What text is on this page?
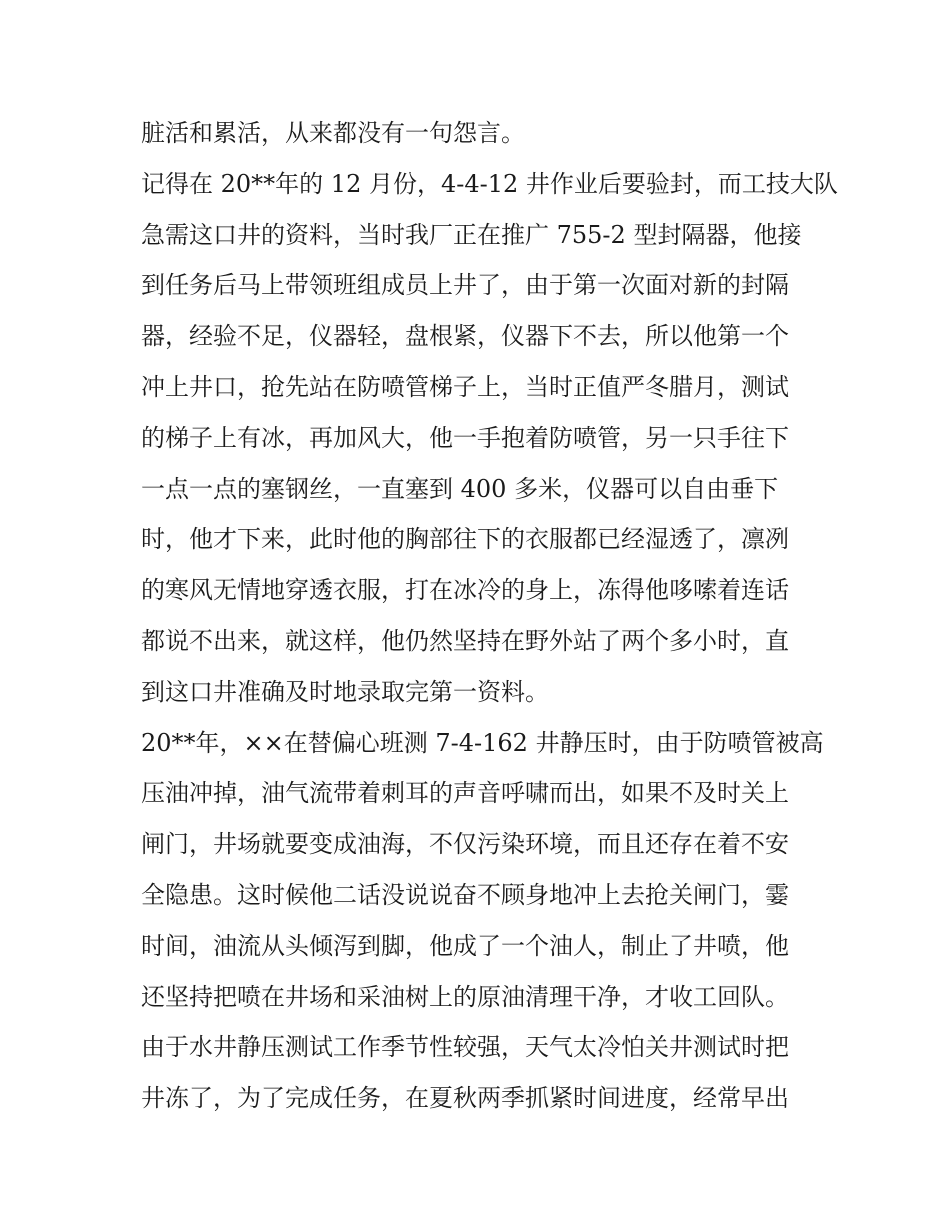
脏活和累活，从来都没有一句怨言。
记得在 20**年的 12 月份，4-4-12 井作业后要验封，而工技大队
急需这口井的资料，当时我厂正在推广 755-2 型封隔器，他接
到任务后马上带领班组成员上井了，由于第一次面对新的封隔
器，经验不足，仪器轻，盘根紧，仪器下不去，所以他第一个
冲上井口，抢先站在防喷管梯子上，当时正值严冬腊月，测试
的梯子上有冰，再加风大，他一手抱着防喷管，另一只手往下
一点一点的塞钢丝，一直塞到 400 多米，仪器可以自由垂下
时，他才下来，此时他的胸部往下的衣服都已经湿透了，凛冽
的寒风无情地穿透衣服，打在冰冷的身上，冻得他哆嗦着连话
都说不出来，就这样，他仍然坚持在野外站了两个多小时，直
到这口井准确及时地录取完第一资料。
20**年，××在替偏心班测 7-4-162 井静压时，由于防喷管被高
压油冲掉，油气流带着刺耳的声音呼啸而出，如果不及时关上
闸门，井场就要变成油海，不仅污染环境，而且还存在着不安
全隐患。这时候他二话没说说奋不顾身地冲上去抢关闸门，霎
时间，油流从头倾泻到脚，他成了一个油人，制止了井喷，他
还坚持把喷在井场和采油树上的原油清理干净，才收工回队。
由于水井静压测试工作季节性较强，天气太冷怕关井测试时把
井冻了，为了完成任务，在夏秋两季抓紧时间进度，经常早出
